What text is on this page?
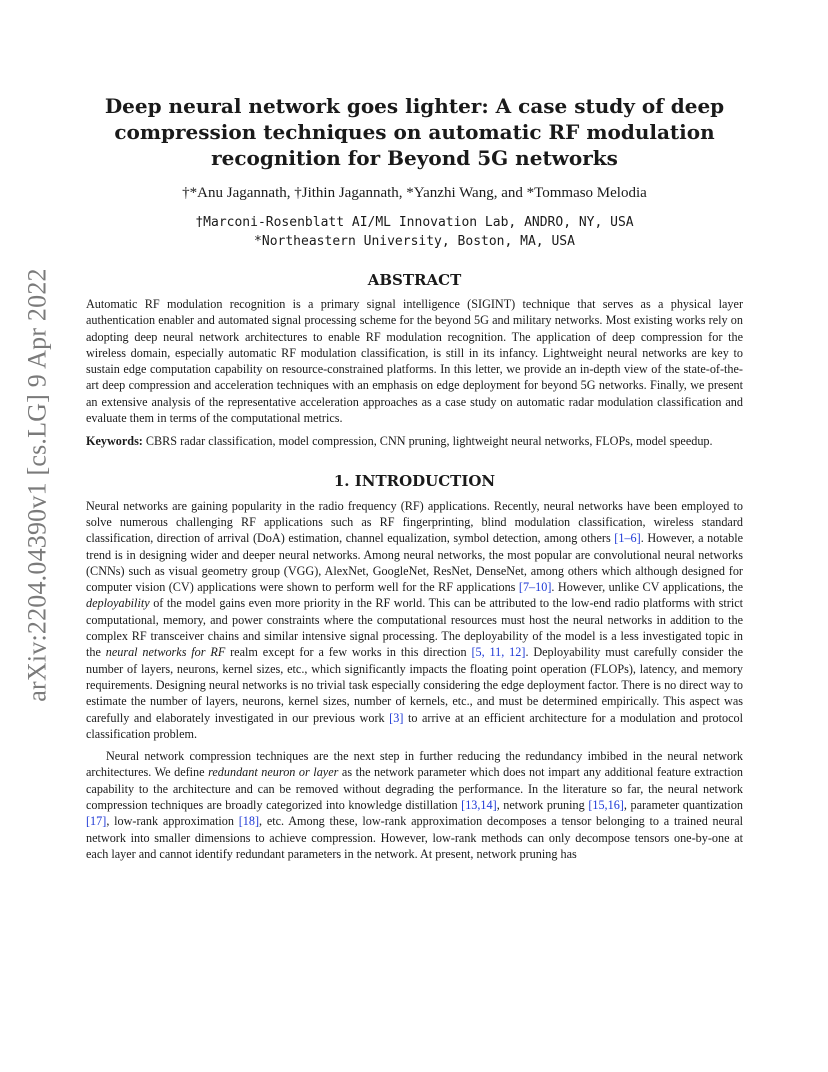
arXiv:2204.04390v1 [cs.LG] 9 Apr 2022
Deep neural network goes lighter: A case study of deep
compression techniques on automatic RF modulation
recognition for Beyond 5G networks
†*Anu Jagannath, †Jithin Jagannath, *Yanzhi Wang, and *Tommaso Melodia
†Marconi-Rosenblatt AI/ML Innovation Lab, ANDRO, NY, USA
*Northeastern University, Boston, MA, USA
ABSTRACT

Automatic RF modulation recognition is a primary signal intelligence (SIGINT) technique that serves as a physical layer authentication enabler and automated signal processing scheme for the beyond 5G and military networks. Most existing works rely on adopting deep neural network architectures to enable RF modulation recognition. The application of deep compression for the wireless domain, especially automatic RF modulation classification, is still in its infancy. Lightweight neural networks are key to sustain edge computation capability on resource-constrained platforms. In this letter, we provide an in-depth view of the state-of-the-art deep compression and acceleration techniques with an emphasis on edge deployment for beyond 5G networks. Finally, we present an extensive analysis of the representative acceleration approaches as a case study on automatic radar modulation classification and evaluate them in terms of the computational metrics.

Keywords: CBRS radar classification, model compression, CNN pruning, lightweight neural networks, FLOPs, model speedup.

1. INTRODUCTION

Neural networks are gaining popularity in the radio frequency (RF) applications. Recently, neural networks have been employed to solve numerous challenging RF applications such as RF fingerprinting, blind modulation classification, wireless standard classification, direction of arrival (DoA) estimation, channel equalization, symbol detection, among others [1–6]. However, a notable trend is in designing wider and deeper neural networks. Among neural networks, the most popular are convolutional neural networks (CNNs) such as visual geometry group (VGG), AlexNet, GoogleNet, ResNet, DenseNet, among others which although designed for computer vision (CV) applications were shown to perform well for the RF applications [7–10]. However, unlike CV applications, the deployability of the model gains even more priority in the RF world. This can be attributed to the low-end radio platforms with strict computational, memory, and power constraints where the computational resources must host the neural networks in addition to the complex RF transceiver chains and similar intensive signal processing. The deployability of the model is a less investigated topic in the neural networks for RF realm except for a few works in this direction [5, 11, 12]. Deployability must carefully consider the number of layers, neurons, kernel sizes, etc., which significantly impacts the floating point operation (FLOPs), latency, and memory requirements. Designing neural networks is no trivial task especially considering the edge deployment factor. There is no direct way to estimate the number of layers, neurons, kernel sizes, number of kernels, etc., and must be determined empirically. This aspect was carefully and elaborately investigated in our previous work [3] to arrive at an efficient architecture for a modulation and protocol classification problem.

Neural network compression techniques are the next step in further reducing the redundancy imbibed in the neural network architectures. We define redundant neuron or layer as the network parameter which does not impart any additional feature extraction capability to the architecture and can be removed without degrading the performance. In the literature so far, the neural network compression techniques are broadly categorized into knowledge distillation [13,14], network pruning [15,16], parameter quantization [17], low-rank approximation [18], etc. Among these, low-rank approximation decomposes a tensor belonging to a trained neural network into smaller dimensions to achieve compression. However, low-rank methods can only decompose tensors one-by-one at each layer and cannot identify redundant parameters in the network. At present, network pruning has
